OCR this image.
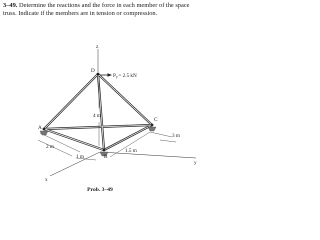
3–49. Determine the reactions and the force in each member of the space truss. Indicate if the members are in tension or compression.

z
x
y
D
A
B
C
Py= 2.5 kN
4 m
2 m
1 m
1.5 m
3 m
Prob. 3–49
